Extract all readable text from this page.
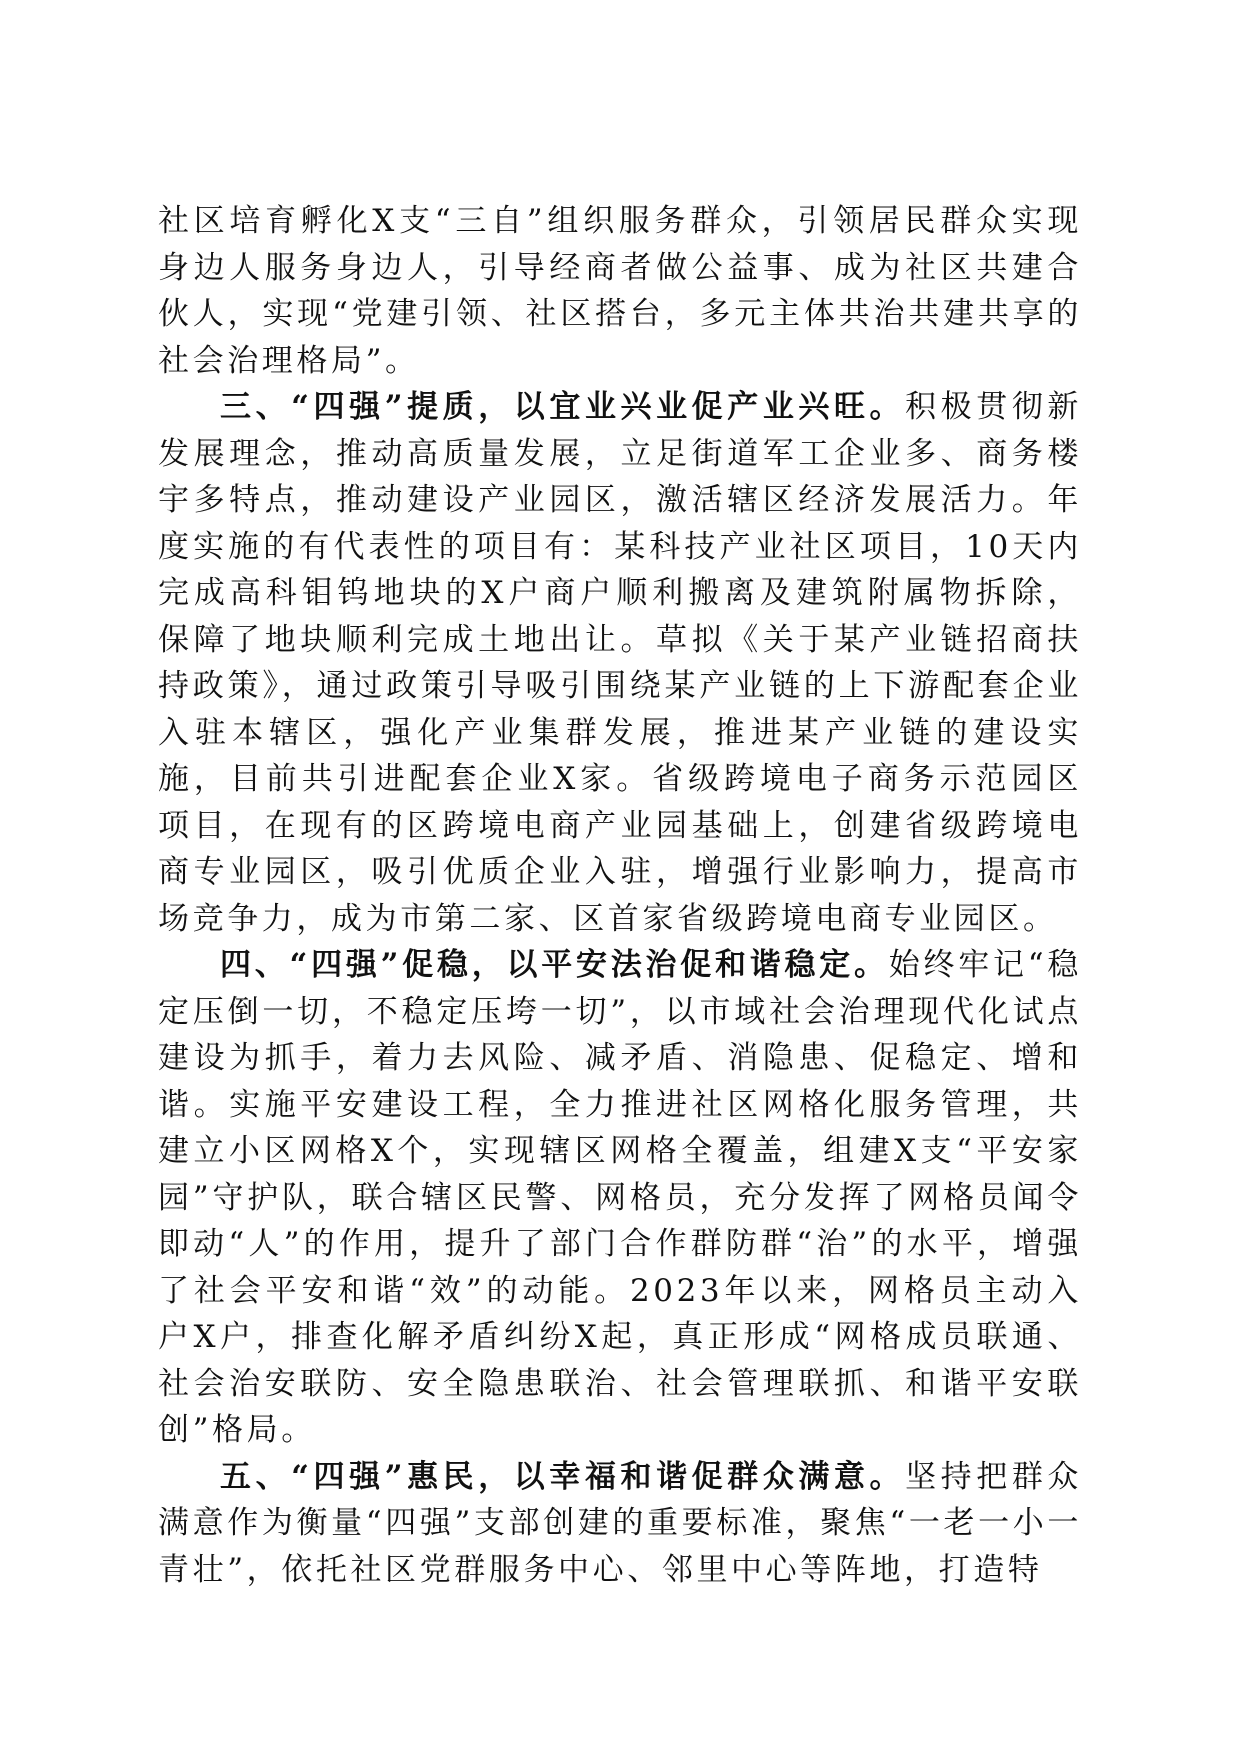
社区培育孵化X支“三自”组织服务群众，引领居民群众实现身边人服务身边人，引导经商者做公益事、成为社区共建合伙人，实现“党建引领、社区搭台，多元主体共治共建共享的社会治理格局”。

三、“四强”提质，以宜业兴业促产业兴旺。积极贯彻新发展理念，推动高质量发展，立足街道军工企业多、商务楼宇多特点，推动建设产业园区，激活辖区经济发展活力。年度实施的有代表性的项目有：某科技产业社区项目，10天内完成高科钼钨地块的X户商户顺利搬离及建筑附属物拆除，保障了地块顺利完成土地出让。草拟《关于某产业链招商扶持政策》，通过政策引导吸引围绕某产业链的上下游配套企业入驻本辖区，强化产业集群发展，推进某产业链的建设实施，目前共引进配套企业X家。省级跨境电子商务示范园区项目，在现有的区跨境电商产业园基础上，创建省级跨境电商专业园区，吸引优质企业入驻，增强行业影响力，提高市场竞争力，成为市第二家、区首家省级跨境电商专业园区。

四、“四强”促稳，以平安法治促和谐稳定。始终牢记“稳定压倒一切，不稳定压垮一切”，以市域社会治理现代化试点建设为抓手，着力去风险、减矛盾、消隐患、促稳定、增和谐。实施平安建设工程，全力推进社区网格化服务管理，共建立小区网格X个，实现辖区网格全覆盖，组建X支“平安家园”守护队，联合辖区民警、网格员，充分发挥了网格员闻令即动“人”的作用，提升了部门合作群防群“治”的水平，增强了社会平安和谐“效”的动能。2023年以来，网格员主动入户X户，排查化解矛盾纠纷X起，真正形成“网格成员联通、社会治安联防、安全隐患联治、社会管理联抓、和谐平安联创”格局。

五、“四强”惠民，以幸福和谐促群众满意。坚持把群众满意作为衡量“四强”支部创建的重要标准，聚焦“一老一小一青壮”，依托社区党群服务中心、邻里中心等阵地，打造特
